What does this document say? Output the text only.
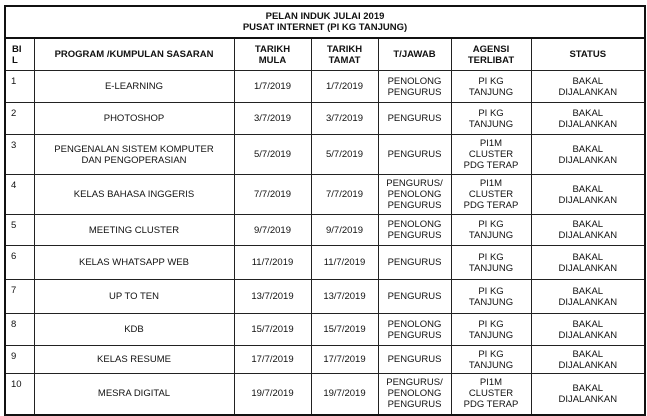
PELAN INDUK JULAI 2019
PUSAT INTERNET (PI KG TANJUNG)						

BI
L	PROGRAM /KUMPULAN SASARAN	TARIKH
MULA	TARIKH
TAMAT	T/JAWAB	AGENSI
TERLIBAT	STATUS

1	E-LEARNING	1/7/2019	1/7/2019	PENOLONG
PENGURUS	PI KG
TANJUNG	BAKAL
DIJALANKAN

2	PHOTOSHOP	3/7/2019	3/7/2019	PENGURUS	PI KG
TANJUNG	BAKAL
DIJALANKAN

3	PENGENALAN SISTEM KOMPUTER
DAN PENGOPERASIAN	5/7/2019	5/7/2019	PENGURUS	PI1M
CLUSTER
PDG TERAP	BAKAL
DIJALANKAN

4	KELAS BAHASA INGGERIS	7/7/2019	7/7/2019	PENGURUS/
PENOLONG
PENGURUS	PI1M
CLUSTER
PDG TERAP	BAKAL
DIJALANKAN

5	MEETING CLUSTER	9/7/2019	9/7/2019	PENOLONG
PENGURUS	PI KG
TANJUNG	BAKAL
DIJALANKAN

6	KELAS WHATSAPP WEB	11/7/2019	11/7/2019	PENGURUS	PI KG
TANJUNG	BAKAL
DIJALANKAN

7	UP TO TEN	13/7/2019	13/7/2019	PENGURUS	PI KG
TANJUNG	BAKAL
DIJALANKAN

8	KDB	15/7/2019	15/7/2019	PENOLONG
PENGURUS	PI KG
TANJUNG	BAKAL
DIJALANKAN

9	KELAS RESUME	17/7/2019	17/7/2019	PENGURUS	PI KG
TANJUNG	BAKAL
DIJALANKAN

10	MESRA DIGITAL	19/7/2019	19/7/2019	PENGURUS/
PENOLONG
PENGURUS	PI1M
CLUSTER
PDG TERAP	BAKAL
DIJALANKAN
